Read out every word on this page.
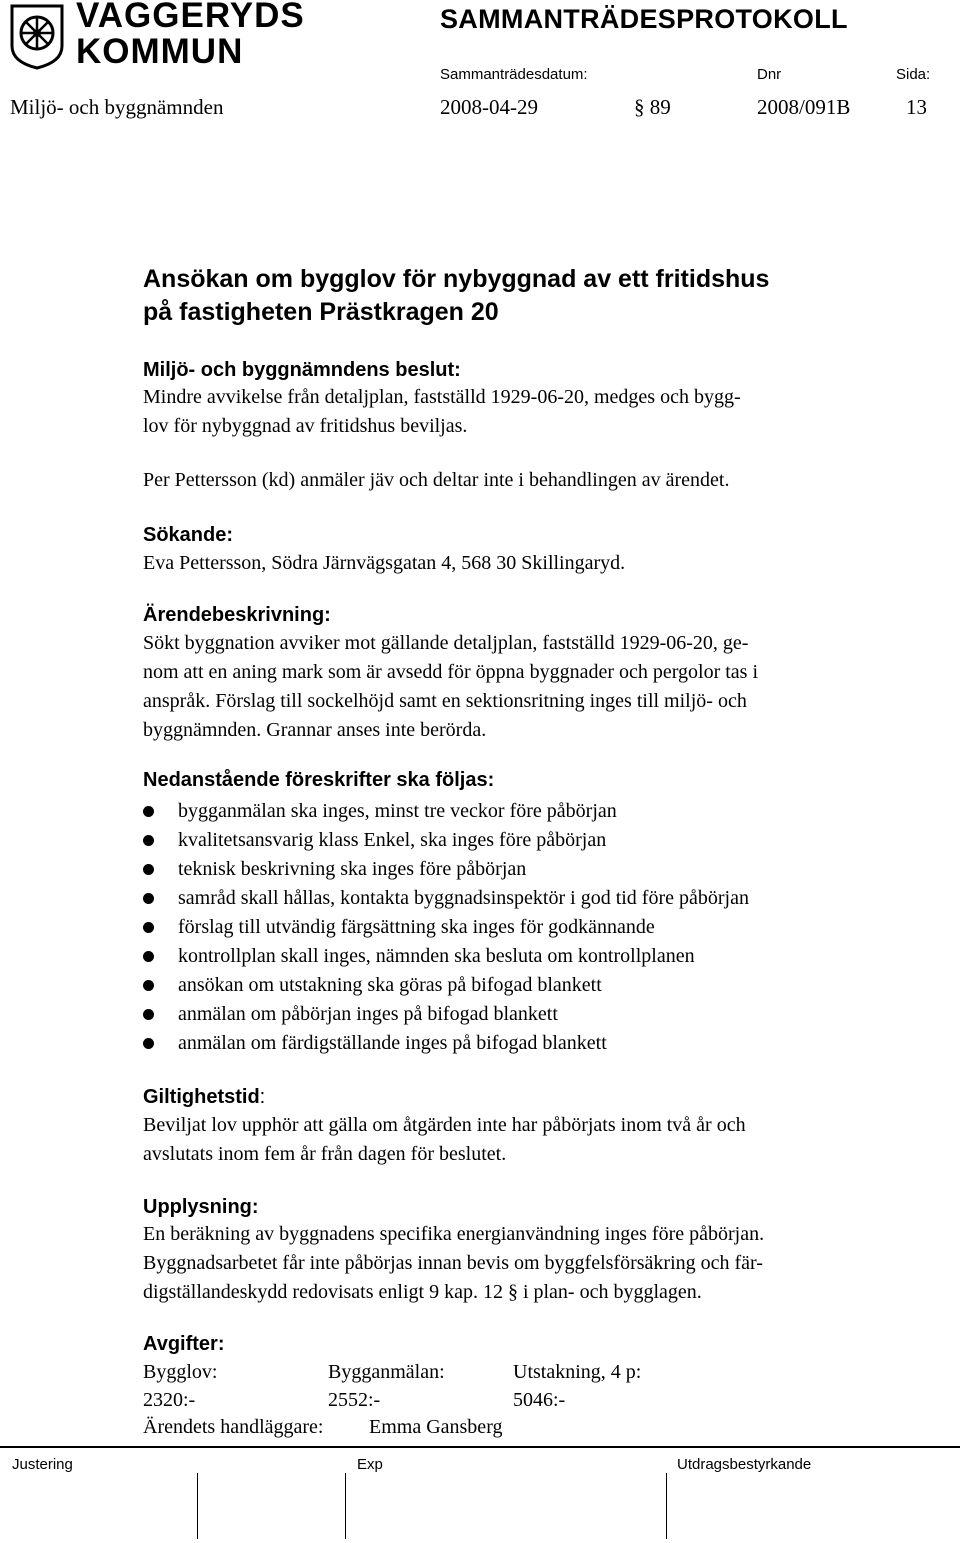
VAGGERYDS
KOMMUN
SAMMANTRÄDESPROTOKOLL
Sammanträdesdatum:	Dnr	Sida:
Miljö- och byggnämnden	2008-04-29	§ 89	2008/091B	13
Ansökan om bygglov för nybyggnad av ett fritidshus
på fastigheten Prästkragen 20
Miljö- och byggnämndens beslut:
Mindre avvikelse från detaljplan, fastställd 1929-06-20, medges och bygg-
lov för nybyggnad av fritidshus beviljas.
Per Pettersson (kd) anmäler jäv och deltar inte i behandlingen av ärendet.
Sökande:
Eva Pettersson, Södra Järnvägsgatan 4, 568 30 Skillingaryd.
Ärendebeskrivning:
Sökt byggnation avviker mot gällande detaljplan, fastställd 1929-06-20, ge-
nom att en aning mark som är avsedd för öppna byggnader och pergolor tas i
anspråk. Förslag till sockelhöjd samt en sektionsritning inges till miljö- och
byggnämnden. Grannar anses inte berörda.
Nedanstående föreskrifter ska följas:
bygganmälan ska inges, minst tre veckor före påbörjan
kvalitetsansvarig klass Enkel, ska inges före påbörjan
teknisk beskrivning ska inges före påbörjan
samråd skall hållas, kontakta byggnadsinspektör i god tid före påbörjan
förslag till utvändig färgsättning ska inges för godkännande
kontrollplan skall inges, nämnden ska besluta om kontrollplanen
ansökan om utstakning ska göras på bifogad blankett
anmälan om påbörjan inges på bifogad blankett
anmälan om färdigställande inges på bifogad blankett
Giltighetstid:
Beviljat lov upphör att gälla om åtgärden inte har påbörjats inom två år och
avslutats inom fem år från dagen för beslutet.
Upplysning:
En beräkning av byggnadens specifika energianvändning inges före påbörjan.
Byggnadsarbetet får inte påbörjas innan bevis om byggfelsförsäkring och fär-
digställandeskydd redovisats enligt 9 kap. 12 § i plan- och bygglagen.
Avgifter:
Bygglov:	Bygganmälan:	Utstakning, 4 p:
2320:-	2552:-	5046:-
Ärendets handläggare: Emma Gansberg
Justering	Exp	Utdragsbestyrkande
